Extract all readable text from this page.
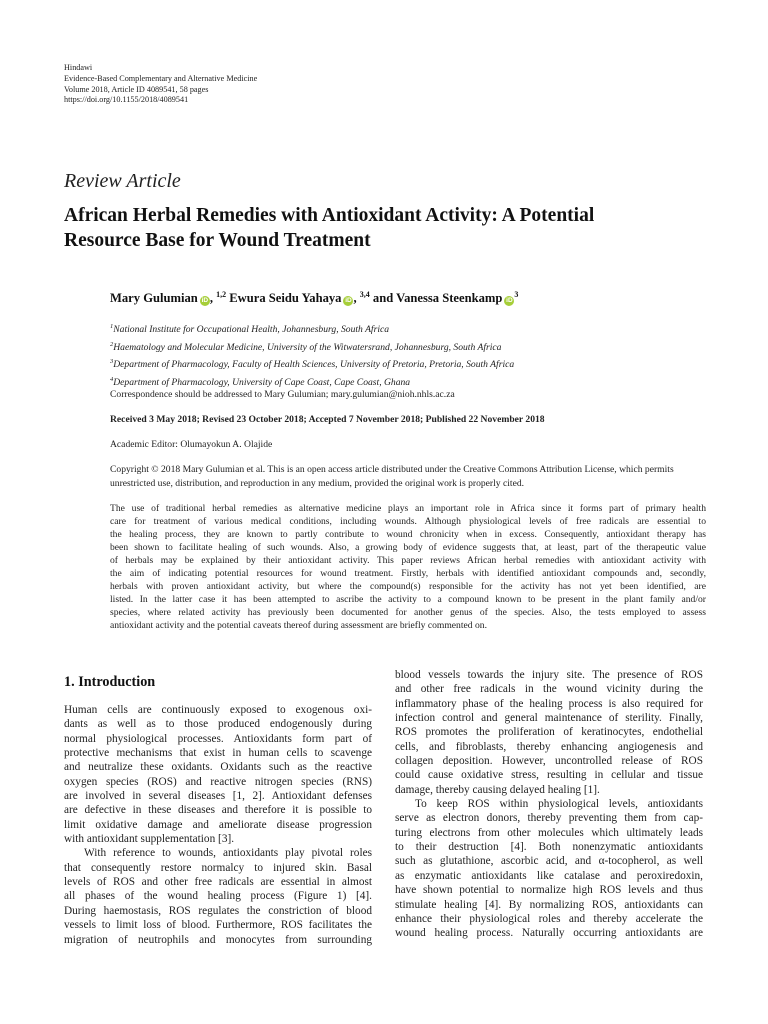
Hindawi
Evidence-Based Complementary and Alternative Medicine
Volume 2018, Article ID 4089541, 58 pages
https://doi.org/10.1155/2018/4089541
Review Article
African Herbal Remedies with Antioxidant Activity: A Potential
Resource Base for Wound Treatment
Mary Gulumian iD , $^{1,2}$ Ewura Seidu Yahaya iD , $^{3,4}$ and Vanessa Steenkamp $iD^3$
$^1$National Institute for Occupational Health, Johannesburg, South Africa
$^2$Haematology and Molecular Medicine, University of the Witwatersrand, Johannesburg, South Africa
$^3$Department of Pharmacology, Faculty of Health Sciences, University of Pretoria, Pretoria, South Africa
$^4$Department of Pharmacology, University of Cape Coast, Cape Coast, Ghana
Correspondence should be addressed to Mary Gulumian; mary.gulumian@nioh.nhls.ac.za
Received 3 May 2018; Revised 23 October 2018; Accepted 7 November 2018; Published 22 November 2018
Academic Editor: Olumayokun A. Olajide
Copyright © 2018 Mary Gulumian et al. This is an open access article distributed under the Creative Commons Attribution License, which permits unrestricted use, distribution, and reproduction in any medium, provided the original work is properly cited.
The use of traditional herbal remedies as alternative medicine plays an important role in Africa since it forms part of primary health
care for treatment of various medical conditions, including wounds. Although physiological levels of free radicals are essential to
the healing process, they are known to partly contribute to wound chronicity when in excess. Consequently, antioxidant therapy has
been shown to facilitate healing of such wounds. Also, a growing body of evidence suggests that, at least, part of the therapeutic value
of herbals may be explained by their antioxidant activity. This paper reviews African herbal remedies with antioxidant activity with
the aim of indicating potential resources for wound treatment. Firstly, herbals with identified antioxidant compounds and, secondly,
herbals with proven antioxidant activity, but where the compound(s) responsible for the activity has not yet been identified, are
listed. In the latter case it has been attempted to ascribe the activity to a compound known to be present in the plant family and/or
species, where related activity has previously been documented for another genus of the species. Also, the tests employed to assess
antioxidant activity and the potential caveats thereof during assessment are briefly commented on.
1. Introduction
Human cells are continuously exposed to exogenous oxi-
dants as well as to those produced endogenously during
normal physiological processes. Antioxidants form part of
protective mechanisms that exist in human cells to scavenge
and neutralize these oxidants. Oxidants such as the reactive
oxygen species (ROS) and reactive nitrogen species (RNS)
are involved in several diseases [1, 2]. Antioxidant defenses
are defective in these diseases and therefore it is possible to
limit oxidative damage and ameliorate disease progression
with antioxidant supplementation [3].
With reference to wounds, antioxidants play pivotal roles
that consequently restore normalcy to injured skin. Basal
levels of ROS and other free radicals are essential in almost
all phases of the wound healing process (Figure 1) [4].
During haemostasis, ROS regulates the constriction of blood
vessels to limit loss of blood. Furthermore, ROS facilitates the
migration of neutrophils and monocytes from surrounding
blood vessels towards the injury site. The presence of ROS
and other free radicals in the wound vicinity during the
inflammatory phase of the healing process is also required for
infection control and general maintenance of sterility. Finally,
ROS promotes the proliferation of keratinocytes, endothelial
cells, and fibroblasts, thereby enhancing angiogenesis and
collagen deposition. However, uncontrolled release of ROS
could cause oxidative stress, resulting in cellular and tissue
damage, thereby causing delayed healing [1].
To keep ROS within physiological levels, antioxidants
serve as electron donors, thereby preventing them from cap-
turing electrons from other molecules which ultimately leads
to their destruction [4]. Both nonenzymatic antioxidants
such as glutathione, ascorbic acid, and α-tocopherol, as well
as enzymatic antioxidants like catalase and peroxiredoxin,
have shown potential to normalize high ROS levels and thus
stimulate healing [4]. By normalizing ROS, antioxidants can
enhance their physiological roles and thereby accelerate the
wound healing process. Naturally occurring antioxidants are
